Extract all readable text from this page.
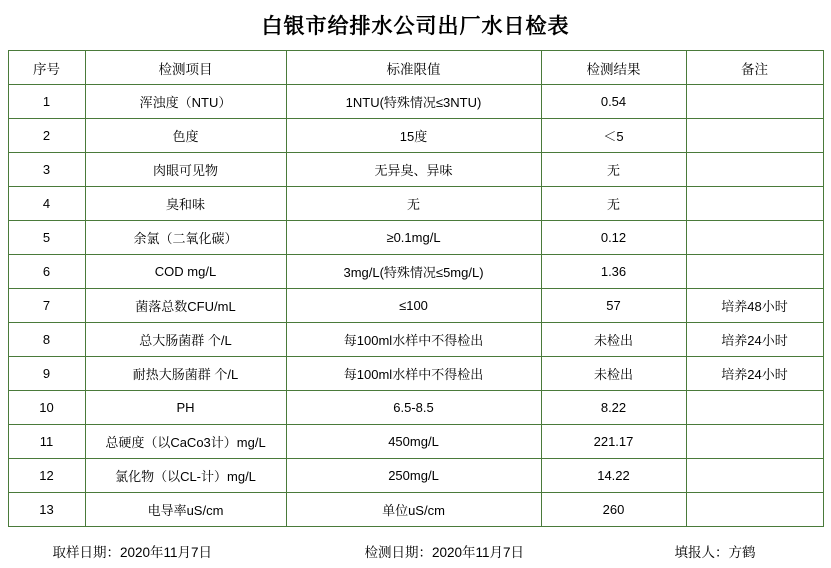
白银市给排水公司出厂水日检表
序号	检测项目	标准限值	检测结果	备注
1	浑浊度（NTU）	1NTU(特殊情况≤3NTU)	0.54	
2	色度	15度	＜5	
3	肉眼可见物	无异臭、异味	无	
4	臭和味	无	无	
5	余氯（二氧化碳）	≥0.1mg/L	0.12	
6	COD mg/L	3mg/L(特殊情况≤5mg/L)	1.36	
7	菌落总数CFU/mL	≤100	57	培养48小时
8	总大肠菌群 个/L	每100ml水样中不得检出	未检出	培养24小时
9	耐热大肠菌群 个/L	每100ml水样中不得检出	未检出	培养24小时
10	PH	6.5-8.5	8.22	
11	总硬度（以CaCo3计）mg/L	450mg/L	221.17	
12	氯化物（以CL-计）mg/L	250mg/L	14.22	
13	电导率uS/cm	单位uS/cm	260	
取样日期：2020年11月7日	检测日期：2020年11月7日	填报人：方鹤
